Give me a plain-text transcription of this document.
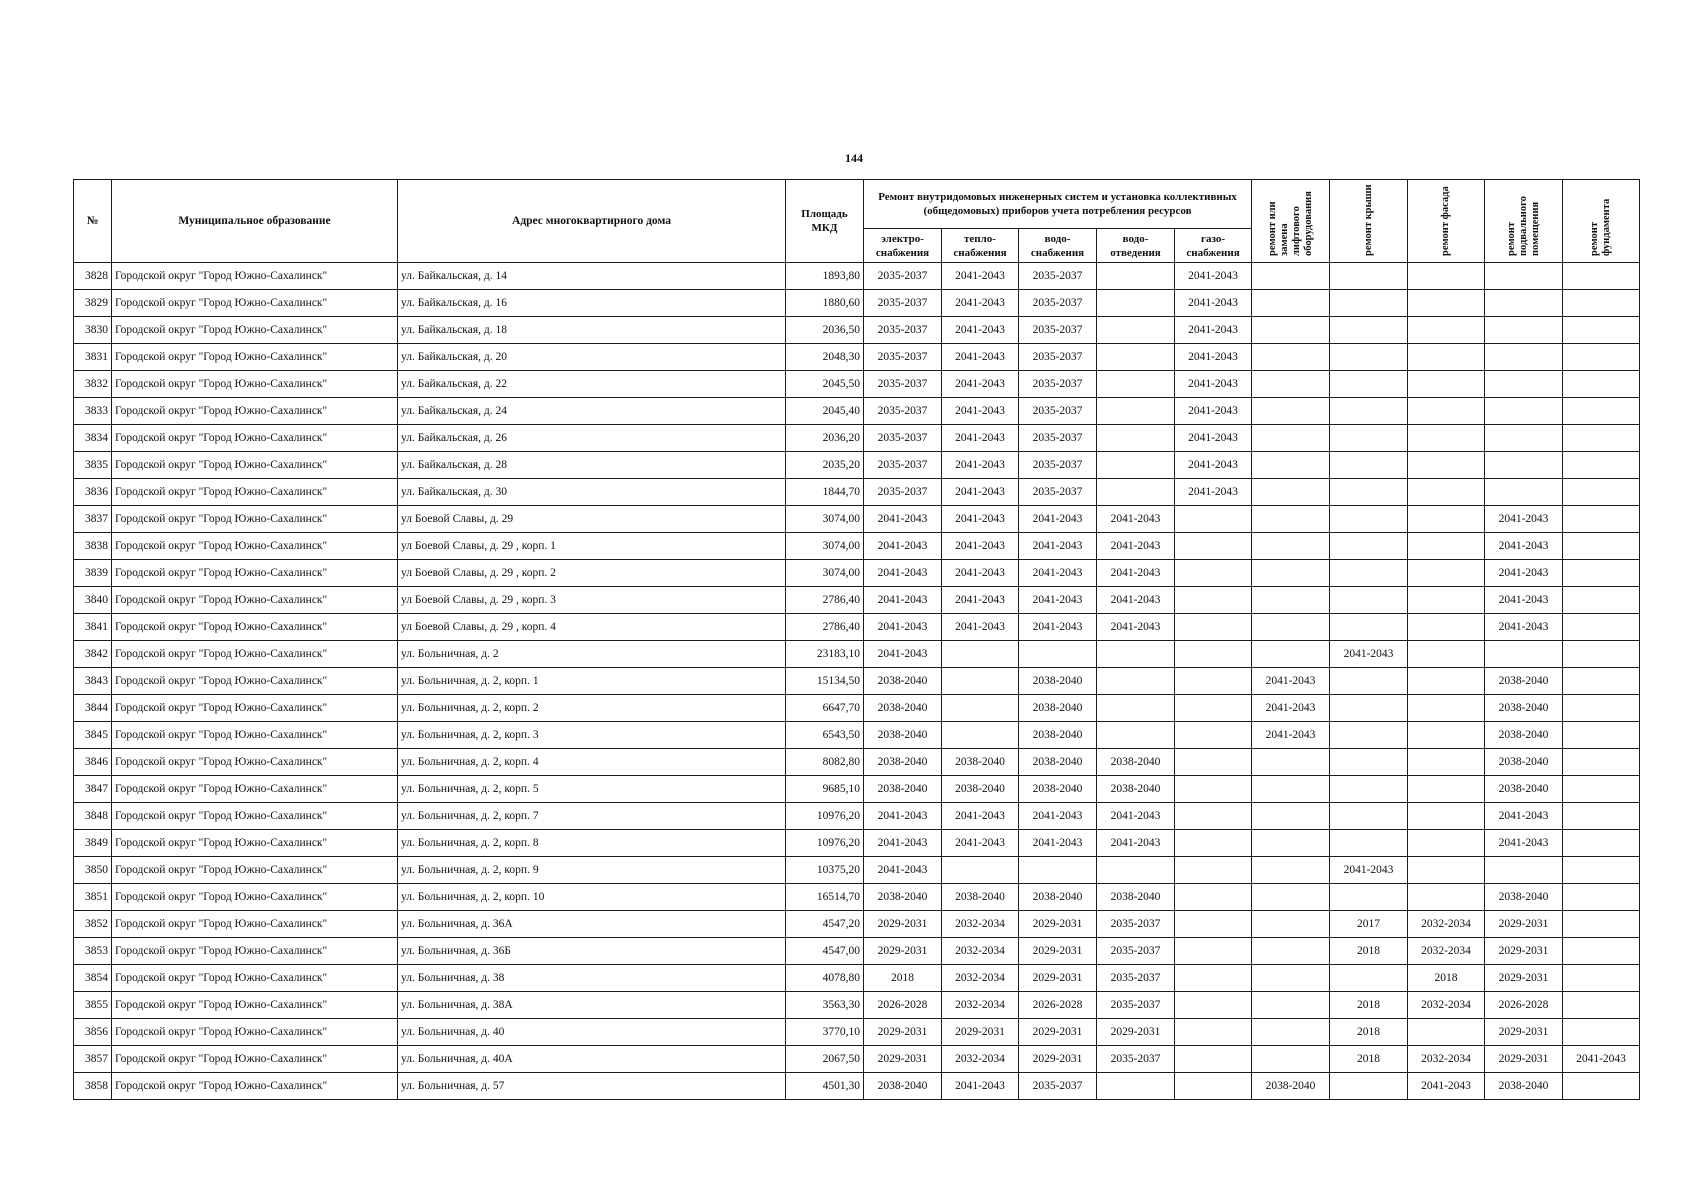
144
№	Муниципальное образование	Адрес многоквартирного дома	Площадь МКД	Ремонт внутридомовых инженерных систем и установка коллективных (общедомовых) приборов учета потребления ресурсов					ремонт или замена лифтового оборудования	ремонт крыши	ремонт фасада	ремонт подвального помещения	ремонт фундамента
				электро-снабжения	тепло-снабжения	водо-снабжения	водо-отведения	газо-снабжения					
3828	Городской округ "Город Южно-Сахалинск"	ул. Байкальская, д. 14	1893,80	2035-2037	2041-2043	2035-2037		2041-2043					
3829	Городской округ "Город Южно-Сахалинск"	ул. Байкальская, д. 16	1880,60	2035-2037	2041-2043	2035-2037		2041-2043					
3830	Городской округ "Город Южно-Сахалинск"	ул. Байкальская, д. 18	2036,50	2035-2037	2041-2043	2035-2037		2041-2043					
3831	Городской округ "Город Южно-Сахалинск"	ул. Байкальская, д. 20	2048,30	2035-2037	2041-2043	2035-2037		2041-2043					
3832	Городской округ "Город Южно-Сахалинск"	ул. Байкальская, д. 22	2045,50	2035-2037	2041-2043	2035-2037		2041-2043					
3833	Городской округ "Город Южно-Сахалинск"	ул. Байкальская, д. 24	2045,40	2035-2037	2041-2043	2035-2037		2041-2043					
3834	Городской округ "Город Южно-Сахалинск"	ул. Байкальская, д. 26	2036,20	2035-2037	2041-2043	2035-2037		2041-2043					
3835	Городской округ "Город Южно-Сахалинск"	ул. Байкальская, д. 28	2035,20	2035-2037	2041-2043	2035-2037		2041-2043					
3836	Городской округ "Город Южно-Сахалинск"	ул. Байкальская, д. 30	1844,70	2035-2037	2041-2043	2035-2037		2041-2043					
3837	Городской округ "Город Южно-Сахалинск"	ул Боевой Славы, д. 29	3074,00	2041-2043	2041-2043	2041-2043	2041-2043					2041-2043	
3838	Городской округ "Город Южно-Сахалинск"	ул Боевой Славы, д. 29 , корп. 1	3074,00	2041-2043	2041-2043	2041-2043	2041-2043					2041-2043	
3839	Городской округ "Город Южно-Сахалинск"	ул Боевой Славы, д. 29 , корп. 2	3074,00	2041-2043	2041-2043	2041-2043	2041-2043					2041-2043	
3840	Городской округ "Город Южно-Сахалинск"	ул Боевой Славы, д. 29 , корп. 3	2786,40	2041-2043	2041-2043	2041-2043	2041-2043					2041-2043	
3841	Городской округ "Город Южно-Сахалинск"	ул Боевой Славы, д. 29 , корп. 4	2786,40	2041-2043	2041-2043	2041-2043	2041-2043					2041-2043	
3842	Городской округ "Город Южно-Сахалинск"	ул. Больничная, д. 2	23183,10	2041-2043						2041-2043			
3843	Городской округ "Город Южно-Сахалинск"	ул. Больничная, д. 2, корп. 1	15134,50	2038-2040		2038-2040			2041-2043			2038-2040	
3844	Городской округ "Город Южно-Сахалинск"	ул. Больничная, д. 2, корп. 2	6647,70	2038-2040		2038-2040			2041-2043			2038-2040	
3845	Городской округ "Город Южно-Сахалинск"	ул. Больничная, д. 2, корп. 3	6543,50	2038-2040		2038-2040			2041-2043			2038-2040	
3846	Городской округ "Город Южно-Сахалинск"	ул. Больничная, д. 2, корп. 4	8082,80	2038-2040	2038-2040	2038-2040	2038-2040					2038-2040	
3847	Городской округ "Город Южно-Сахалинск"	ул. Больничная, д. 2, корп. 5	9685,10	2038-2040	2038-2040	2038-2040	2038-2040					2038-2040	
3848	Городской округ "Город Южно-Сахалинск"	ул. Больничная, д. 2, корп. 7	10976,20	2041-2043	2041-2043	2041-2043	2041-2043					2041-2043	
3849	Городской округ "Город Южно-Сахалинск"	ул. Больничная, д. 2, корп. 8	10976,20	2041-2043	2041-2043	2041-2043	2041-2043					2041-2043	
3850	Городской округ "Город Южно-Сахалинск"	ул. Больничная, д. 2, корп. 9	10375,20	2041-2043						2041-2043			
3851	Городской округ "Город Южно-Сахалинск"	ул. Больничная, д. 2, корп. 10	16514,70	2038-2040	2038-2040	2038-2040	2038-2040					2038-2040	
3852	Городской округ "Город Южно-Сахалинск"	ул. Больничная, д. 36А	4547,20	2029-2031	2032-2034	2029-2031	2035-2037			2017	2032-2034	2029-2031	
3853	Городской округ "Город Южно-Сахалинск"	ул. Больничная, д. 36Б	4547,00	2029-2031	2032-2034	2029-2031	2035-2037			2018	2032-2034	2029-2031	
3854	Городской округ "Город Южно-Сахалинск"	ул. Больничная, д. 38	4078,80	2018	2032-2034	2029-2031	2035-2037				2018	2029-2031	
3855	Городской округ "Город Южно-Сахалинск"	ул. Больничная, д. 38А	3563,30	2026-2028	2032-2034	2026-2028	2035-2037			2018	2032-2034	2026-2028	
3856	Городской округ "Город Южно-Сахалинск"	ул. Больничная, д. 40	3770,10	2029-2031	2029-2031	2029-2031	2029-2031			2018		2029-2031	
3857	Городской округ "Город Южно-Сахалинск"	ул. Больничная, д. 40А	2067,50	2029-2031	2032-2034	2029-2031	2035-2037			2018	2032-2034	2029-2031	2041-2043
3858	Городской округ "Город Южно-Сахалинск"	ул. Больничная, д. 57	4501,30	2038-2040	2041-2043	2035-2037			2038-2040		2041-2043	2038-2040	
